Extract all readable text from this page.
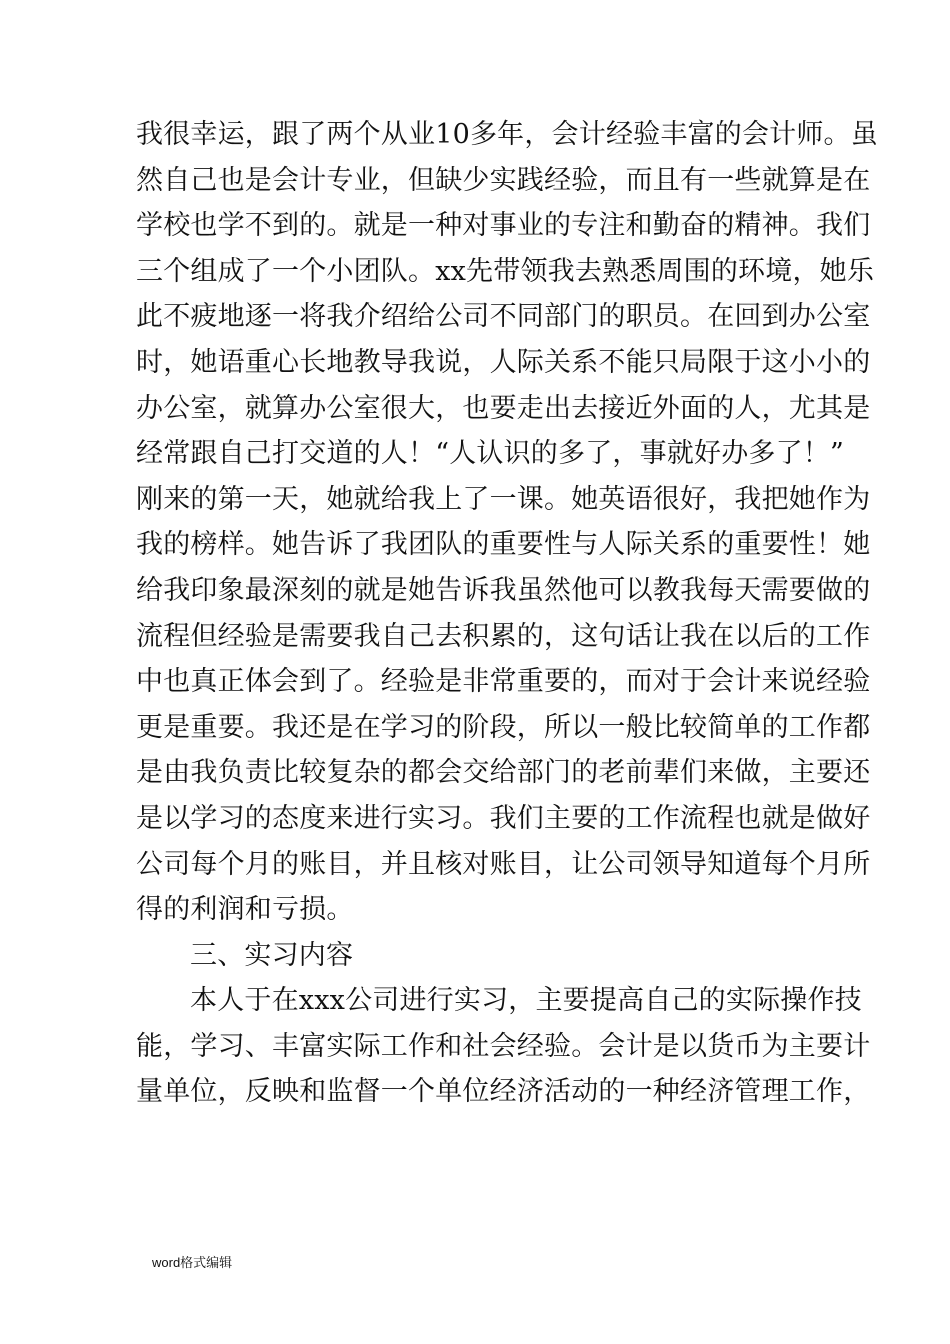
我很幸运，跟了两个从业10多年，会计经验丰富的会计师。虽
然自己也是会计专业，但缺少实践经验，而且有一些就算是在
学校也学不到的。就是一种对事业的专注和勤奋的精神。我们
三个组成了一个小团队。xx先带领我去熟悉周围的环境，她乐
此不疲地逐一将我介绍给公司不同部门的职员。在回到办公室
时，她语重心长地教导我说，人际关系不能只局限于这小小的
办公室，就算办公室很大，也要走出去接近外面的人，尤其是
经常跟自己打交道的人！“人认识的多了，事就好办多了！”
刚来的第一天，她就给我上了一课。她英语很好，我把她作为
我的榜样。她告诉了我团队的重要性与人际关系的重要性！她
给我印象最深刻的就是她告诉我虽然他可以教我每天需要做的
流程但经验是需要我自己去积累的，这句话让我在以后的工作
中也真正体会到了。经验是非常重要的，而对于会计来说经验
更是重要。我还是在学习的阶段，所以一般比较简单的工作都
是由我负责比较复杂的都会交给部门的老前辈们来做，主要还
是以学习的态度来进行实习。我们主要的工作流程也就是做好
公司每个月的账目，并且核对账目，让公司领导知道每个月所
得的利润和亏损。
三、实习内容
本人于在xxx公司进行实习，主要提高自己的实际操作技
能，学习、丰富实际工作和社会经验。会计是以货币为主要计
量单位，反映和监督一个单位经济活动的一种经济管理工作，
word格式编辑
